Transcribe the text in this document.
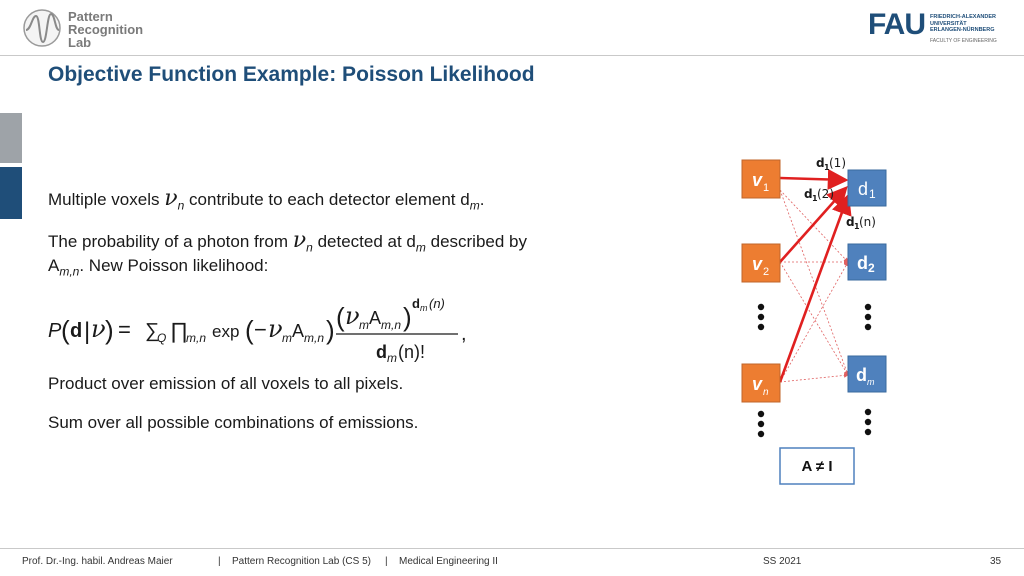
Pattern
Recognition
Lab
FAU FRIEDRICH-ALEXANDER
UNIVERSITÄT
ERLANGEN-NÜRNBERG
FACULTY OF ENGINEERING
Objective Function Example: Poisson Likelihood
Multiple voxels $\nu_n$ contribute to each detector element $d_m$.
The probability of a photon from $\nu_n$ detected at $d_m$ described by
$A_{m,n}$. New Poisson likelihood:
P ( d | ν ) = ∑
Q ∏
m,n exp ( − ν m A m,n ) ( ν m A m,n ) d m (n)
d m (n)!
,
Product over emission of all voxels to all pixels.
Sum over all possible combinations of emissions.
v 1
v 2
v n
d 1
d 2
d m
d 1 (1)
d 1 (2)
d 1 (n)
A ≠ I
Prof. Dr.-Ing. habil. Andreas Maier	| Pattern Recognition Lab (CS 5) | Medical Engineering II	SS 2021	35
